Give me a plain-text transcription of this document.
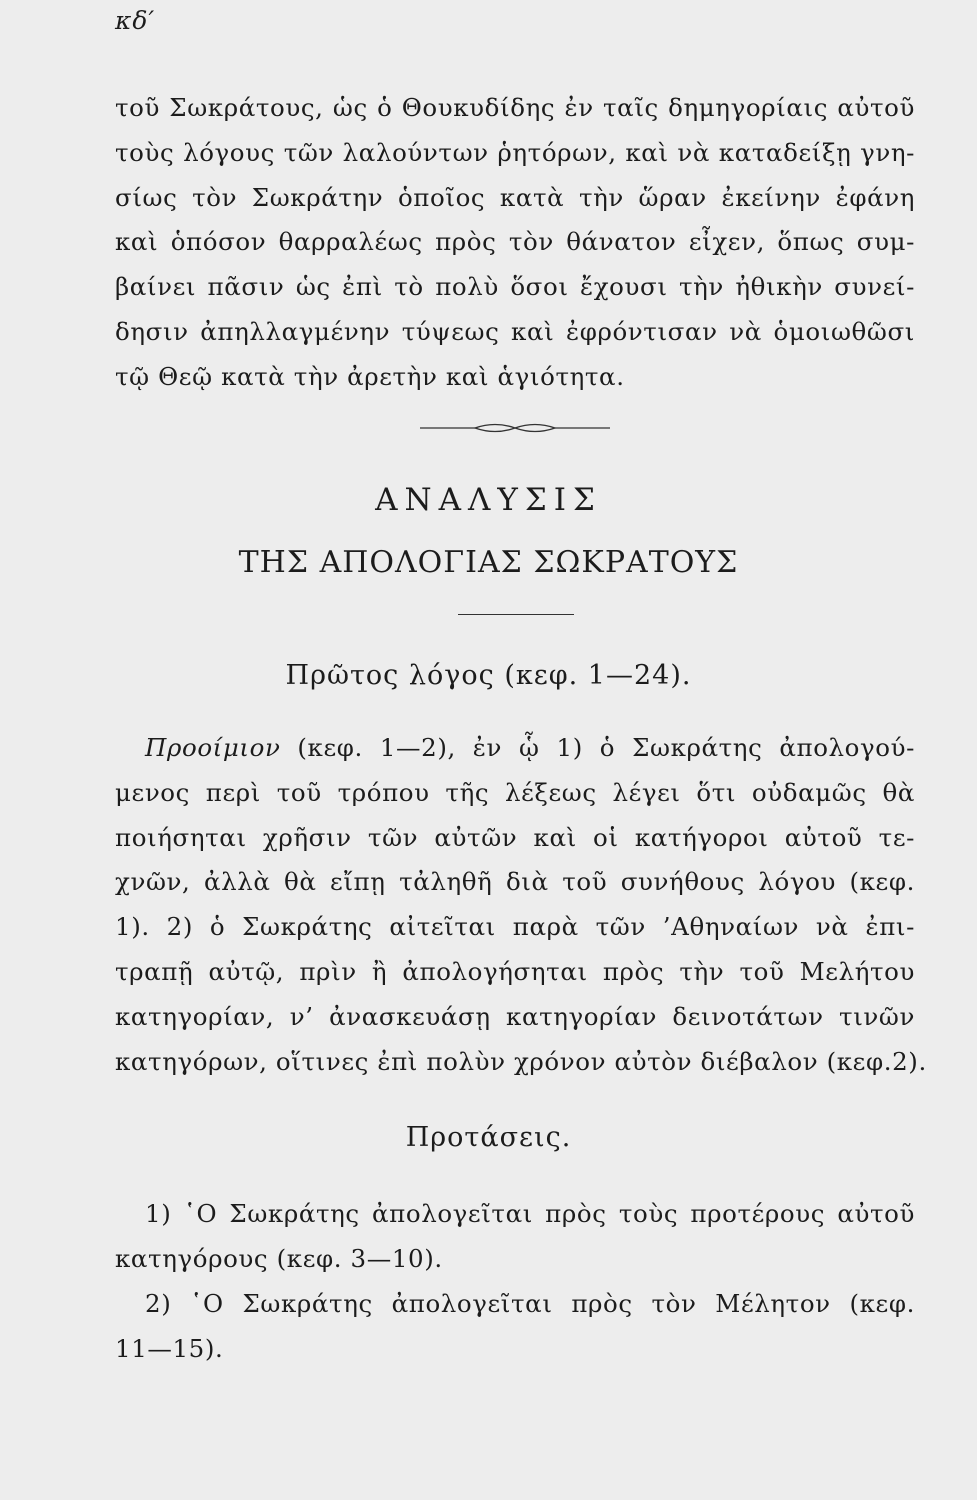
κδ′

τοῦ Σωκράτους, ὡς ὁ Θουκυδίδης ἐν ταῖς δημηγορίαις αὐτοῦ
τοὺς λόγους τῶν λαλούντων ῥητόρων, καὶ νὰ καταδείξῃ γνη-
σίως τὸν Σωκράτην ὁποῖος κατὰ τὴν ὥραν ἐκείνην ἐφάνη
καὶ ὁπόσον θαρραλέως πρὸς τὸν θάνατον εἶχεν, ὅπως συμ-
βαίνει πᾶσιν ὡς ἐπὶ τὸ πολὺ ὅσοι ἔχουσι τὴν ἠθικὴν συνεί-
δησιν ἀπηλλαγμένην τύψεως καὶ ἐφρόντισαν νὰ ὁμοιωθῶσι
τῷ Θεῷ κατὰ τὴν ἀρετὴν καὶ ἁγιότητα.

ΑΝΑΛΥΣΙΣ
ΤΗΣ ΑΠΟΛΟΓΙΑΣ ΣΩΚΡΑΤΟΥΣ
Πρῶτος λόγος (κεφ. 1—24).

Προοίμιον (κεφ. 1—2), ἐν ᾧ 1) ὁ Σωκράτης ἀπολογού-
μενος περὶ τοῦ τρόπου τῆς λέξεως λέγει ὅτι οὐδαμῶς θὰ
ποιήσηται χρῆσιν τῶν αὐτῶν καὶ οἱ κατήγοροι αὐτοῦ τε-
χνῶν, ἀλλὰ θὰ εἴπῃ τἀληθῆ διὰ τοῦ συνήθους λόγου (κεφ.
1). 2) ὁ Σωκράτης αἰτεῖται παρὰ τῶν ’Αθηναίων νὰ ἐπι-
τραπῇ αὐτῷ, πρὶν ἢ ἀπολογήσηται πρὸς τὴν τοῦ Μελήτου
κατηγορίαν, ν’ ἀνασκευάσῃ κατηγορίαν δεινοτάτων τινῶν
κατηγόρων, οἵτινες ἐπὶ πολὺν χρόνον αὐτὸν διέβαλον (κεφ.2).

Προτάσεις.

1) ῾Ο Σωκράτης ἀπολογεῖται πρὸς τοὺς προτέρους αὐτοῦ
κατηγόρους (κεφ. 3—10).

2) ῾Ο Σωκράτης ἀπολογεῖται πρὸς τὸν Μέλητον (κεφ.
11—15).
